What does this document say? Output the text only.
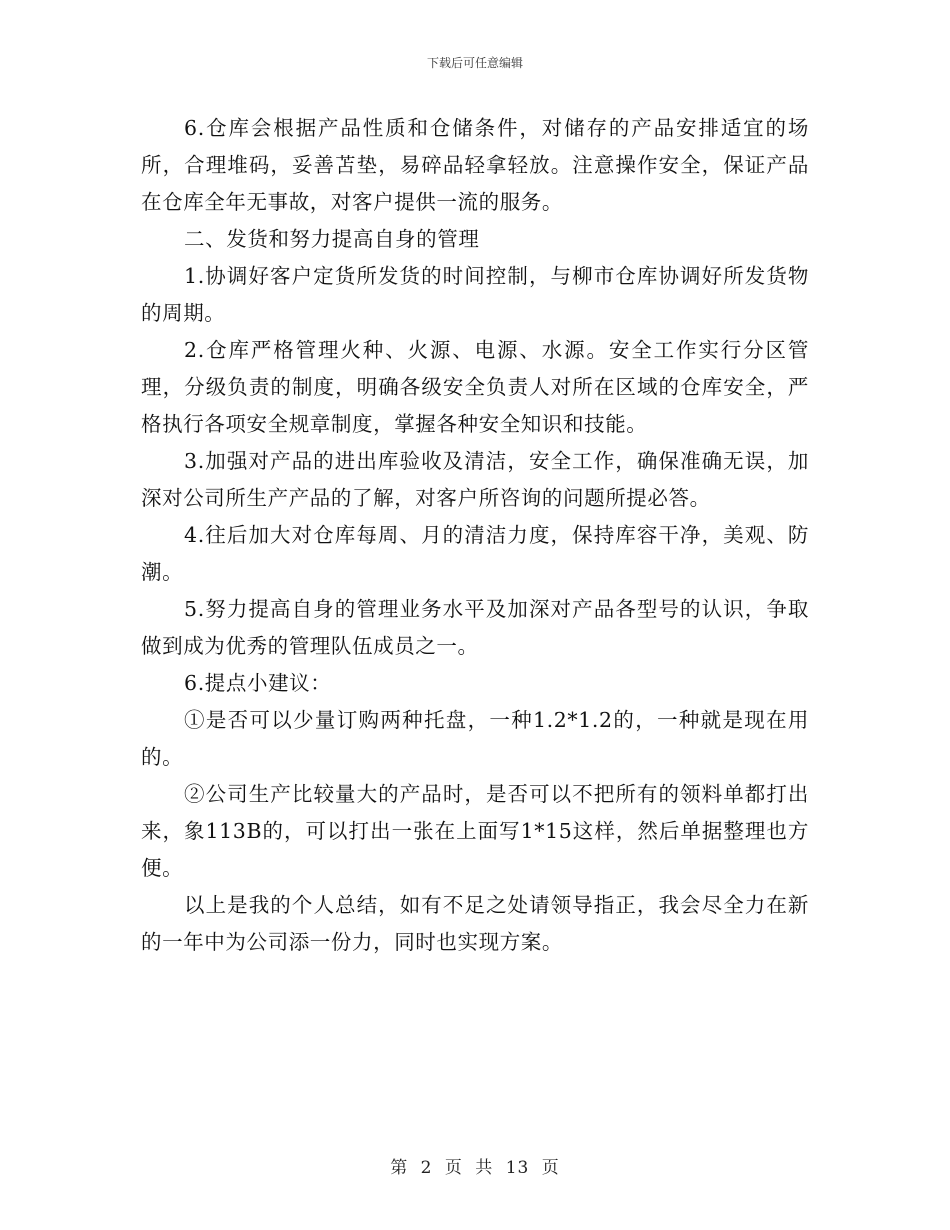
下载后可任意编辑

6.仓库会根据产品性质和仓储条件，对储存的产品安排适宜的场所，合理堆码，妥善苫垫，易碎品轻拿轻放。注意操作安全，保证产品在仓库全年无事故，对客户提供一流的服务。

二、发货和努力提高自身的管理

1.协调好客户定货所发货的时间控制，与柳市仓库协调好所发货物的周期。

2.仓库严格管理火种、火源、电源、水源。安全工作实行分区管理，分级负责的制度，明确各级安全负责人对所在区域的仓库安全，严格执行各项安全规章制度，掌握各种安全知识和技能。

3.加强对产品的进出库验收及清洁，安全工作，确保准确无误，加深对公司所生产产品的了解，对客户所咨询的问题所提必答。

4.往后加大对仓库每周、月的清洁力度，保持库容干净，美观、防潮。

5.努力提高自身的管理业务水平及加深对产品各型号的认识，争取做到成为优秀的管理队伍成员之一。

6.提点小建议：

①是否可以少量订购两种托盘，一种1.2*1.2的，一种就是现在用的。

②公司生产比较量大的产品时，是否可以不把所有的领料单都打出来，象113B的，可以打出一张在上面写1*15这样，然后单据整理也方便。

以上是我的个人总结，如有不足之处请领导指正，我会尽全力在新的一年中为公司添一份力，同时也实现方案。

第 2 页 共 13 页
